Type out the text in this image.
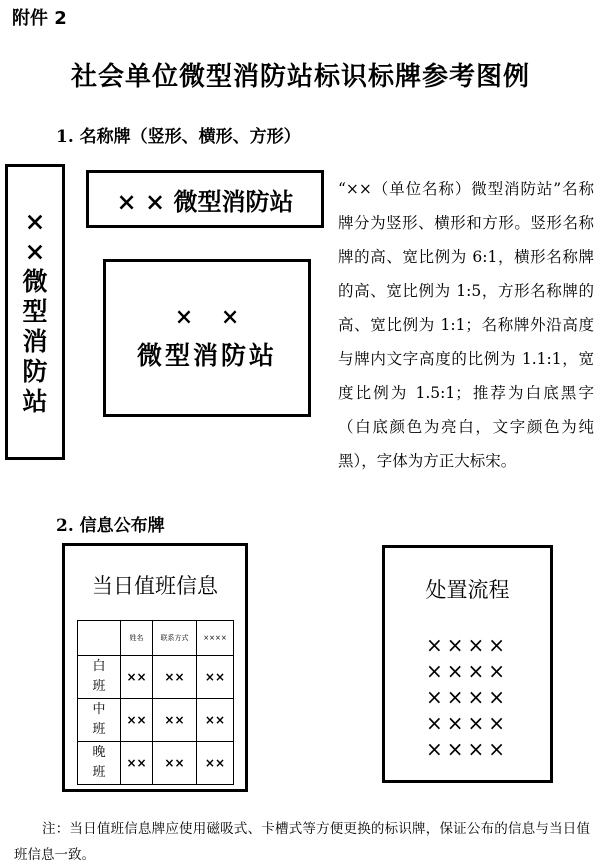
附件 2
社会单位微型消防站标识标牌参考图例
1. 名称牌（竖形、横形、方形）
×
×
微
型
消
防
站
× × 微型消防站
× ×
微型消防站
“××（单位名称）微型消防站”名称牌分为竖形、横形和方形。竖形名称牌的高、宽比例为 6:1，横形名称牌的高、宽比例为 1:5，方形名称牌的高、宽比例为 1:1；名称牌外沿高度与牌内文字高度的比例为 1.1:1，宽度比例为 1.5:1；推荐为白底黑字（白底颜色为亮白，文字颜色为纯黑），字体为方正大标宋。
2. 信息公布牌
当日值班信息
	姓名	联系方式	××××
白
班	××	××	××
中
班	××	××	××
晚
班	××	××	××
处置流程
××××
××××
××××
××××
××××
注：当日值班信息牌应使用磁吸式、卡槽式等方便更换的标识牌，保证公布的信息与当日值班信息一致。
